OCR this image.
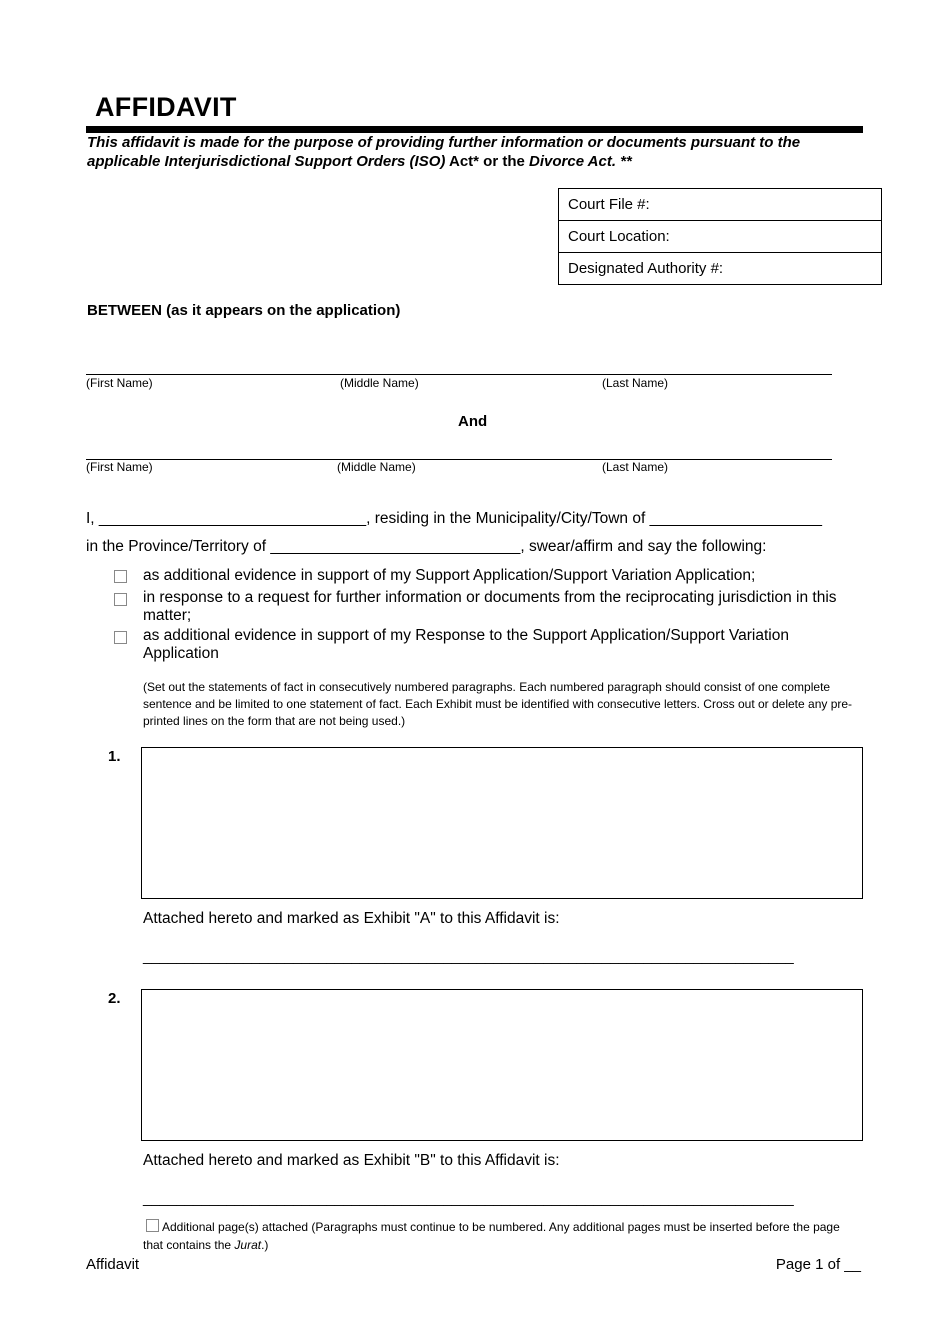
AFFIDAVIT
This affidavit is made for the purpose of providing further information or documents pursuant to the applicable Interjurisdictional Support Orders (ISO) Act* or the Divorce Act. **
Court File #:
Court Location:
Designated Authority #:
BETWEEN (as it appears on the application)
(First Name)	(Middle Name)	(Last Name)
And
(First Name)	(Middle Name)	(Last Name)
I, _______________________________, residing in the Municipality/City/Town of ____________________
in the Province/Territory of _____________________________, swear/affirm and say the following:
as additional evidence in support of my Support Application/Support Variation Application;
in response to a request for further information or documents from the reciprocating jurisdiction in this matter;
as additional evidence in support of my Response to the Support Application/Support Variation Application
(Set out the statements of fact in consecutively numbered paragraphs. Each numbered paragraph should consist of one complete sentence and be limited to one statement of fact. Each Exhibit must be identified with consecutive letters. Cross out or delete any pre-printed lines on the form that are not being used.)
1.
Attached hereto and marked as Exhibit "A" to this Affidavit is:
______________________________________________________________________________
2.
Attached hereto and marked as Exhibit "B" to this Affidavit is:
______________________________________________________________________________
Additional page(s) attached (Paragraphs must continue to be numbered. Any additional pages must be inserted before the page that contains the Jurat.)
Affidavit	Page 1 of __
